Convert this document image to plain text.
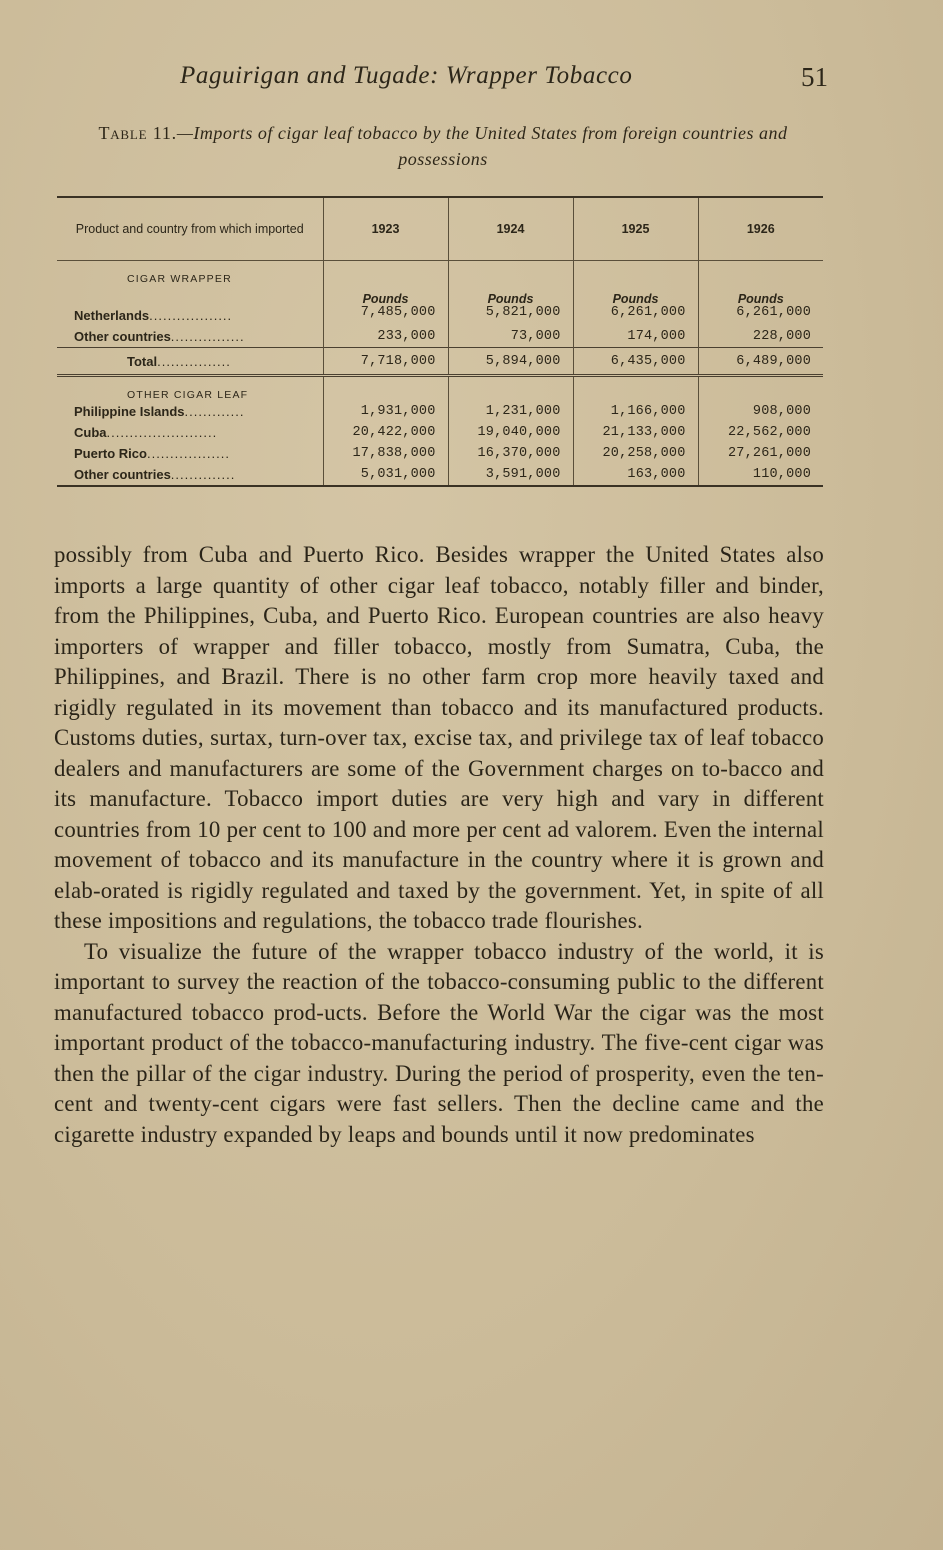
Paguirigan and Tugade: Wrapper Tobacco	51
Table 11.—Imports of cigar leaf tobacco by the United States from foreign countries and possessions
Product and country from which imported	1923	1924	1925	1926
CIGAR WRAPPER				
	Pounds	Pounds	Pounds	Pounds
Netherlands..................	7,485,000	5,821,000	6,261,000	6,261,000
Other countries................	233,000	73,000	174,000	228,000
Total................	7,718,000	5,894,000	6,435,000	6,489,000
OTHER CIGAR LEAF				
Philippine Islands.............	1,931,000	1,231,000	1,166,000	908,000
Cuba........................	20,422,000	19,040,000	21,133,000	22,562,000
Puerto Rico..................	17,838,000	16,370,000	20,258,000	27,261,000
Other countries..............	5,031,000	3,591,000	163,000	110,000

possibly from Cuba and Puerto Rico. Besides wrapper the United States also imports a large quantity of other cigar leaf tobacco, notably filler and binder, from the Philippines, Cuba, and Puerto Rico. European countries are also heavy importers of wrapper and filler tobacco, mostly from Sumatra, Cuba, the Philippines, and Brazil. There is no other farm crop more heavily taxed and rigidly regulated in its movement than tobacco and its manufactured products. Customs duties, surtax, turn-over tax, excise tax, and privilege tax of leaf tobacco dealers and manufacturers are some of the Government charges on to-bacco and its manufacture. Tobacco import duties are very high and vary in different countries from 10 per cent to 100 and more per cent ad valorem. Even the internal movement of tobacco and its manufacture in the country where it is grown and elab-orated is rigidly regulated and taxed by the government. Yet, in spite of all these impositions and regulations, the tobacco trade flourishes.

To visualize the future of the wrapper tobacco industry of the world, it is important to survey the reaction of the tobacco-consuming public to the different manufactured tobacco prod-ucts. Before the World War the cigar was the most important product of the tobacco-manufacturing industry. The five-cent cigar was then the pillar of the cigar industry. During the period of prosperity, even the ten-cent and twenty-cent cigars were fast sellers. Then the decline came and the cigarette industry expanded by leaps and bounds until it now predominates
